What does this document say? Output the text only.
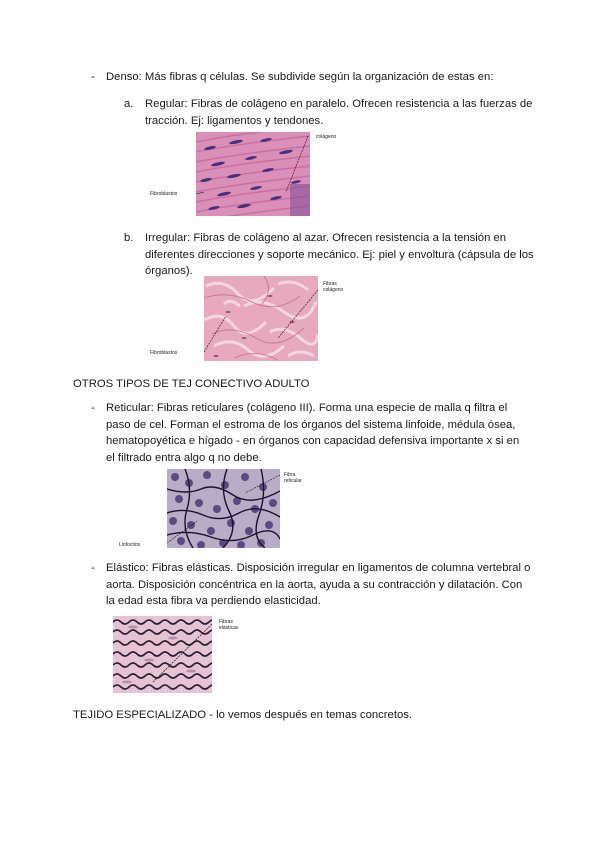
- Denso: Más fibras q células. Se subdivide según la organización de estas en:

a. Regular: Fibras de colágeno en paralelo. Ofrecen resistencia a las fuerzas de tracción. Ej: ligamentos y tendones.

colágeno
Fibroblastos
b. Irregular: Fibras de colágeno al azar. Ofrecen resistencia a la tensión en diferentes direcciones y soporte mecánico. Ej: piel y envoltura (cápsula de los órganos).

Fibras colágeno
Fibroblastos
OTROS TIPOS DE TEJ CONECTIVO ADULTO
- Reticular: Fibras reticulares (colágeno III). Forma una especie de malla q filtra el paso de cel. Forman el estroma de los órganos del sistema linfoide, médula ósea, hematopoyética e hígado - en órganos con capacidad defensiva importante x si en el filtrado entra algo q no debe.

Fibra reticular
Linfocitos
- Elástico: Fibras elásticas. Disposición irregular en ligamentos de columna vertebral o aorta. Disposición concéntrica en la aorta, ayuda a su contracción y dilatación. Con la edad esta fibra va perdiendo elasticidad.

Fibras elásticas
TEJIDO ESPECIALIZADO - lo vemos después en temas concretos.
